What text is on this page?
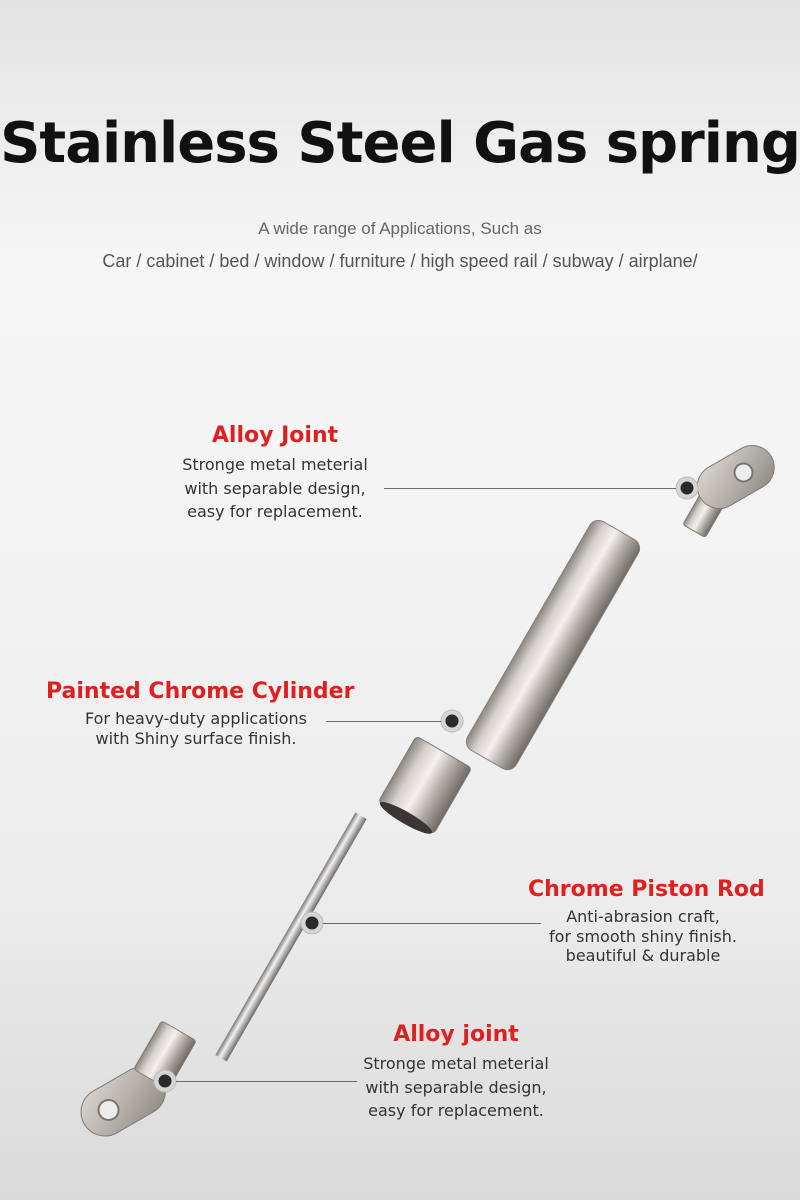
Stainless Steel Gas spring
A wide range of Applications, Such as
Car / cabinet / bed / window / furniture / high speed rail / subway / airplane/
Alloy Joint
Stronge metal meterial
with separable design,
easy for replacement.
Painted Chrome Cylinder
For heavy-duty applications
with Shiny surface finish.
Chrome Piston Rod
Anti-abrasion craft,
for smooth shiny finish.
beautiful & durable
Alloy joint
Stronge metal meterial
with separable design,
easy for replacement.
